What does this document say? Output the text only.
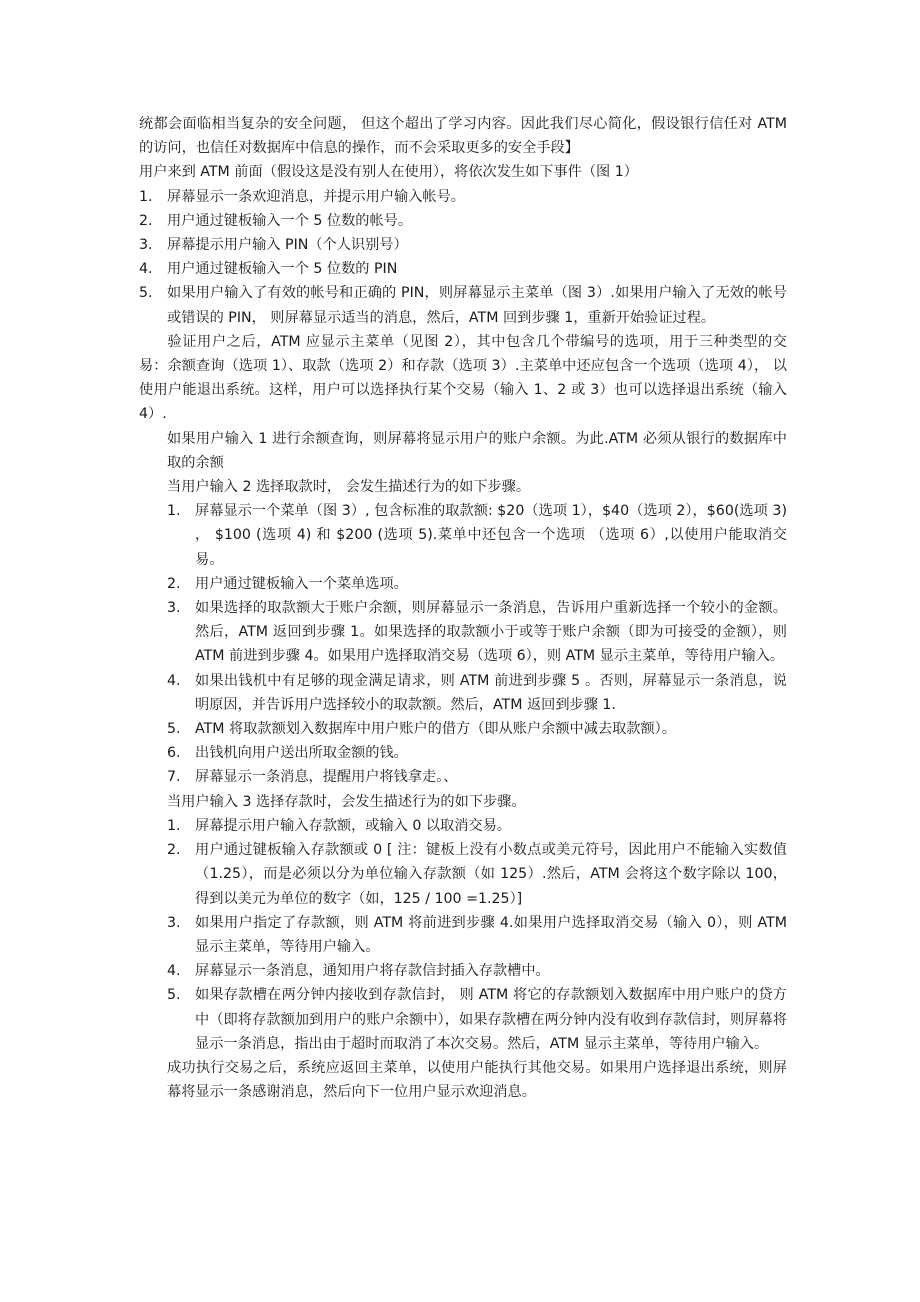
统都会面临相当复杂的安全问题， 但这个超出了学习内容。因此我们尽心简化，假设银行信任对 ATM 的访问，也信任对数据库中信息的操作，而不会采取更多的安全手段】

用户来到 ATM 前面（假设这是没有别人在使用），将依次发生如下事件（图 1）

1. 屏幕显示一条欢迎消息，并提示用户输入帐号。
2. 用户通过键板输入一个 5 位数的帐号。
3. 屏幕提示用户输入 PIN（个人识别号）
4. 用户通过键板输入一个 5 位数的 PIN
5. 如果用户输入了有效的帐号和正确的 PIN，则屏幕显示主菜单（图 3）.如果用户输入了无效的帐号或错误的 PIN， 则屏幕显示适当的消息，然后，ATM 回到步骤 1，重新开始验证过程。

验证用户之后，ATM 应显示主菜单（见图 2），其中包含几个带编号的选项，用于三种类型的交易：余额查询（选项 1）、取款（选项 2）和存款（选项 3）.主菜单中还应包含一个选项（选项 4）， 以使用户能退出系统。这样，用户可以选择执行某个交易（输入 1、2 或 3）也可以选择退出系统（输入 4）.

如果用户输入 1 进行余额查询，则屏幕将显示用户的账户余额。为此.ATM 必须从银行的数据库中取的余额

当用户输入 2 选择取款时， 会发生描述行为的如下步骤。

1. 屏幕显示一个菜单（图 3）, 包含标准的取款额: $20（选项 1），$40（选项 2），$60(选项 3) ， $100 (选项 4) 和 $200 (选项 5).菜单中还包含一个选项 （选项 6）,以使用户能取消交易。
2. 用户通过键板输入一个菜单选项。
3. 如果选择的取款额大于账户余额，则屏幕显示一条消息，告诉用户重新选择一个较小的金额。然后，ATM 返回到步骤 1。如果选择的取款额小于或等于账户余额（即为可接受的金额），则 ATM 前进到步骤 4。如果用户选择取消交易（选项 6），则 ATM 显示主菜单，等待用户输入。
4. 如果出钱机中有足够的现金满足请求，则 ATM 前进到步骤 5 。否则，屏幕显示一条消息，说明原因，并告诉用户选择较小的取款额。然后，ATM 返回到步骤 1.
5. ATM 将取款额划入数据库中用户账户的借方（即从账户余额中减去取款额）。
6. 出钱机向用户送出所取金额的钱。
7. 屏幕显示一条消息，提醒用户将钱拿走。、

当用户输入 3 选择存款时，会发生描述行为的如下步骤。

1. 屏幕提示用户输入存款额，或输入 0 以取消交易。
2. 用户通过键板输入存款额或 0 [ 注：键板上没有小数点或美元符号，因此用户不能输入实数值（1.25），而是必须以分为单位输入存款额（如 125）.然后，ATM 会将这个数字除以 100，得到以美元为单位的数字（如，125 / 100 =1.25）]
3. 如果用户指定了存款额，则 ATM 将前进到步骤 4.如果用户选择取消交易（输入 0），则 ATM 显示主菜单，等待用户输入。
4. 屏幕显示一条消息，通知用户将存款信封插入存款槽中。
5. 如果存款槽在两分钟内接收到存款信封， 则 ATM 将它的存款额划入数据库中用户账户的贷方中（即将存款额加到用户的账户余额中），如果存款槽在两分钟内没有收到存款信封，则屏幕将显示一条消息，指出由于超时而取消了本次交易。然后，ATM 显示主菜单，等待用户输入。

成功执行交易之后，系统应返回主菜单，以使用户能执行其他交易。如果用户选择退出系统，则屏幕将显示一条感谢消息，然后向下一位用户显示欢迎消息。
